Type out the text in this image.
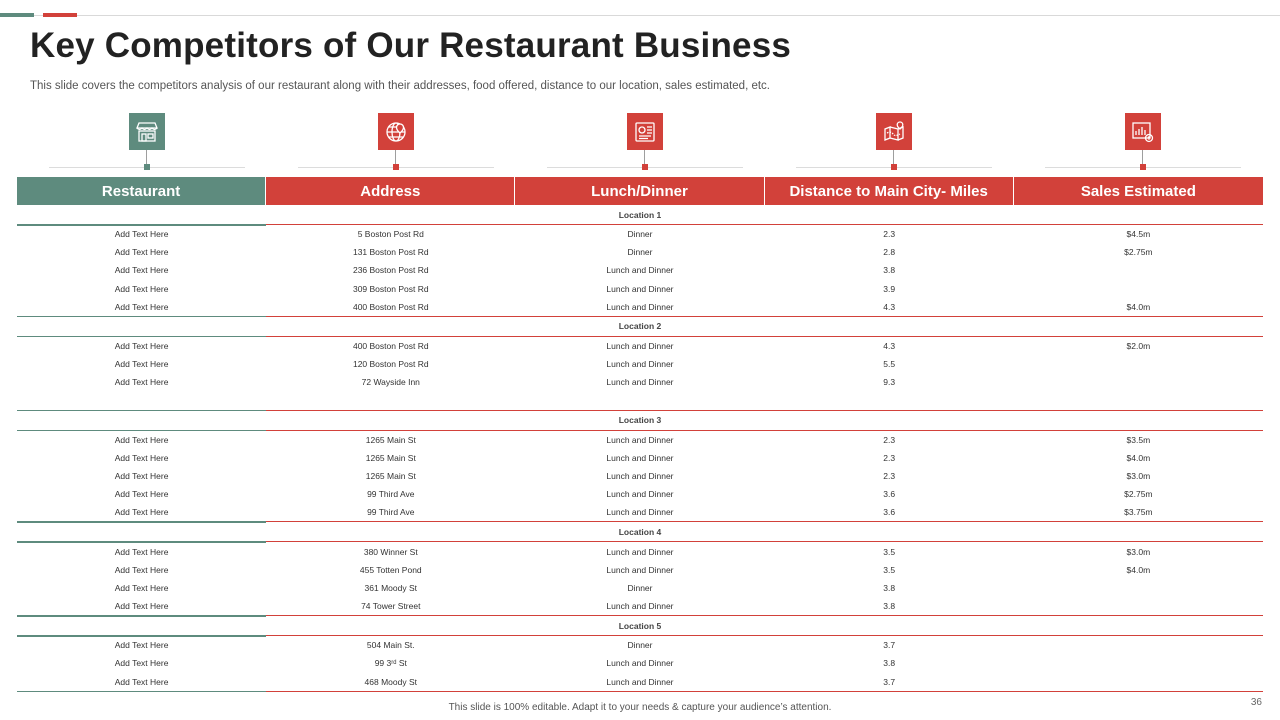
Key Competitors of Our Restaurant Business

This slide covers the competitors analysis of our restaurant along with their addresses, food offered, distance to our location, sales estimated, etc.

Restaurant	Address	Lunch/Dinner	Distance to Main City- Miles	Sales Estimated
Location 1
Add Text Here	5 Boston Post Rd	Dinner	2.3	$4.5m
Add Text Here	131 Boston Post Rd	Dinner	2.8	$2.75m
Add Text Here	236 Boston Post Rd	Lunch and Dinner	3.8
Add Text Here	309 Boston Post Rd	Lunch and Dinner	3.9
Add Text Here	400 Boston Post Rd	Lunch and Dinner	4.3	$4.0m
Location 2
Add Text Here	400 Boston Post Rd	Lunch and Dinner	4.3	$2.0m
Add Text Here	120 Boston Post Rd	Lunch and Dinner	5.5
Add Text Here	72 Wayside Inn	Lunch and Dinner	9.3
Location 3
Add Text Here	1265 Main St	Lunch and Dinner	2.3	$3.5m
Add Text Here	1265 Main St	Lunch and Dinner	2.3	$4.0m
Add Text Here	1265 Main St	Lunch and Dinner	2.3	$3.0m
Add Text Here	99 Third Ave	Lunch and Dinner	3.6	$2.75m
Add Text Here	99 Third Ave	Lunch and Dinner	3.6	$3.75m
Location 4
Add Text Here	380 Winner St	Lunch and Dinner	3.5	$3.0m
Add Text Here	455 Totten Pond	Lunch and Dinner	3.5	$4.0m
Add Text Here	361 Moody St	Dinner	3.8
Add Text Here	74 Tower Street	Lunch and Dinner	3.8
Location 5
Add Text Here	504 Main St.	Dinner	3.7
Add Text Here	99 3ʳᵈ St	Lunch and Dinner	3.8
Add Text Here	468 Moody St	Lunch and Dinner	3.7
This slide is 100% editable. Adapt it to your needs & capture your audience’s attention.	36
